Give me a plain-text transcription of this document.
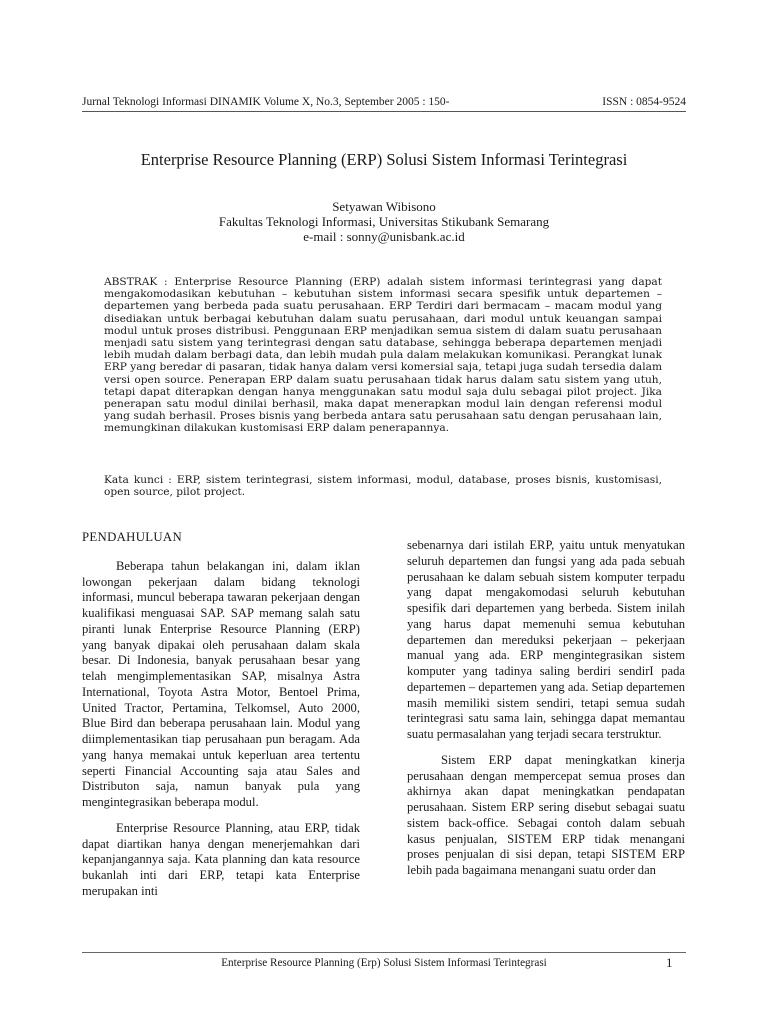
Jurnal Teknologi Informasi DINAMIK Volume X, No.3, September 2005 : 150-	ISSN : 0854-9524
Enterprise Resource Planning (ERP) Solusi Sistem Informasi Terintegrasi
Setyawan Wibisono
Fakultas Teknologi Informasi, Universitas Stikubank Semarang
e-mail : sonny@unisbank.ac.id
ABSTRAK : Enterprise Resource Planning (ERP) adalah sistem informasi terintegrasi yang dapat mengakomodasikan kebutuhan – kebutuhan sistem informasi secara spesifik untuk departemen – departemen yang berbeda pada suatu perusahaan. ERP Terdiri dari bermacam – macam modul yang disediakan untuk berbagai kebutuhan dalam suatu perusahaan, dari modul untuk keuangan sampai modul untuk proses distribusi. Penggunaan ERP menjadikan semua sistem di dalam suatu perusahaan menjadi satu sistem yang terintegrasi dengan satu database, sehingga beberapa departemen menjadi lebih mudah dalam berbagi data, dan lebih mudah pula dalam melakukan komunikasi. Perangkat lunak ERP yang beredar di pasaran, tidak hanya dalam versi komersial saja, tetapi juga sudah tersedia dalam versi open source. Penerapan ERP dalam suatu perusahaan tidak harus dalam satu sistem yang utuh, tetapi dapat diterapkan dengan hanya menggunakan satu modul saja dulu sebagai pilot project. Jika penerapan satu modul dinilai berhasil, maka dapat menerapkan modul lain dengan referensi modul yang sudah berhasil. Proses bisnis yang berbeda antara satu perusahaan satu dengan perusahaan lain, memungkinan dilakukan kustomisasi ERP dalam penerapannya.
Kata kunci : ERP, sistem terintegrasi, sistem informasi, modul, database, proses bisnis, kustomisasi, open source, pilot project.
PENDAHULUAN

Beberapa tahun belakangan ini, dalam iklan lowongan pekerjaan dalam bidang teknologi informasi, muncul beberapa tawaran pekerjaan dengan kualifikasi menguasai SAP. SAP memang salah satu piranti lunak Enterprise Resource Planning (ERP) yang banyak dipakai oleh perusahaan dalam skala besar. Di Indonesia, banyak perusahaan besar yang telah mengimplementasikan SAP, misalnya Astra International, Toyota Astra Motor, Bentoel Prima, United Tractor, Pertamina, Telkomsel, Auto 2000, Blue Bird dan beberapa perusahaan lain. Modul yang diimplementasikan tiap perusahaan pun beragam. Ada yang hanya memakai untuk keperluan area tertentu seperti Financial Accounting saja atau Sales and Distributon saja, namun banyak pula yang mengintegrasikan beberapa modul.

Enterprise Resource Planning, atau ERP, tidak dapat diartikan hanya dengan menerjemahkan dari kepanjangannya saja. Kata planning dan kata resource bukanlah inti dari ERP, tetapi kata Enterprise merupakan inti

sebenarnya dari istilah ERP, yaitu untuk menyatukan seluruh departemen dan fungsi yang ada pada sebuah perusahaan ke dalam sebuah sistem komputer terpadu yang dapat mengakomodasi seluruh kebutuhan spesifik dari departemen yang berbeda. Sistem inilah yang harus dapat memenuhi semua kebutuhan departemen dan mereduksi pekerjaan – pekerjaan manual yang ada. ERP mengintegrasikan sistem komputer yang tadinya saling berdiri sendirI pada departemen – departemen yang ada. Setiap departemen masih memiliki sistem sendiri, tetapi semua sudah terintegrasi satu sama lain, sehingga dapat memantau suatu permasalahan yang terjadi secara terstruktur.

Sistem ERP dapat meningkatkan kinerja perusahaan dengan mempercepat semua proses dan akhirnya akan dapat meningkatkan pendapatan perusahaan. Sistem ERP sering disebut sebagai suatu sistem back-office. Sebagai contoh dalam sebuah kasus penjualan, SISTEM ERP tidak menangani proses penjualan di sisi depan, tetapi SISTEM ERP lebih pada bagaimana menangani suatu order dan

Enterprise Resource Planning (Erp) Solusi Sistem Informasi Terintegrasi	1
